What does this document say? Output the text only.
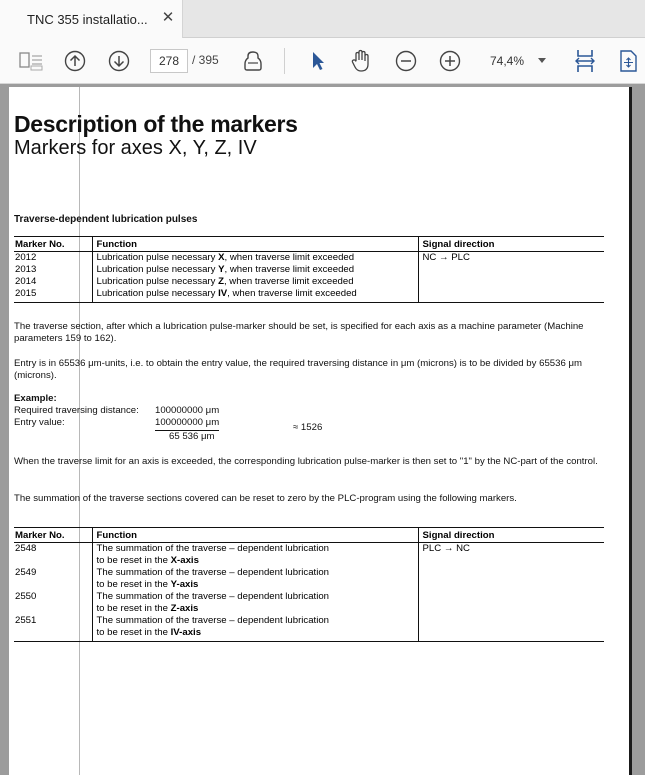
TNC 355 installatio... ✕
278	/ 395	74,4%
Description of the markers
Markers for axes X, Y, Z, IV
Traverse-dependent lubrication pulses
Marker No.	Function	Signal direction
2012	Lubrication pulse necessary X, when traverse limit exceeded	NC → PLC
2013	Lubrication pulse necessary Y, when traverse limit exceeded	
2014	Lubrication pulse necessary Z, when traverse limit exceeded	
2015	Lubrication pulse necessary IV, when traverse limit exceeded	
The traverse section, after which a lubrication pulse-marker should be set, is specified for each axis as a machine parameter (Machine parameters 159 to 162).
Entry is in 65536 μm-units, i.e. to obtain the entry value, the required traversing distance in μm (microns) is to be divided by 65536 μm (microns).
Example:
Required traversing distance: 100000000 μm
Entry value:	100000000 μm
65 536 μm
≈ 1526
When the traverse limit for an axis is exceeded, the corresponding lubrication pulse-marker is then set to "1" by the NC-part of the control.
The summation of the traverse sections covered can be reset to zero by the PLC-program using the following markers.
Marker No.	Function	Signal direction
2548	The summation of the traverse – dependent lubrication
to be reset in the X-axis	PLC → NC
2549	The summation of the traverse – dependent lubrication
to be reset in the Y-axis	
2550	The summation of the traverse – dependent lubrication
to be reset in the Z-axis	
2551	The summation of the traverse – dependent lubrication
to be reset in the IV-axis	
